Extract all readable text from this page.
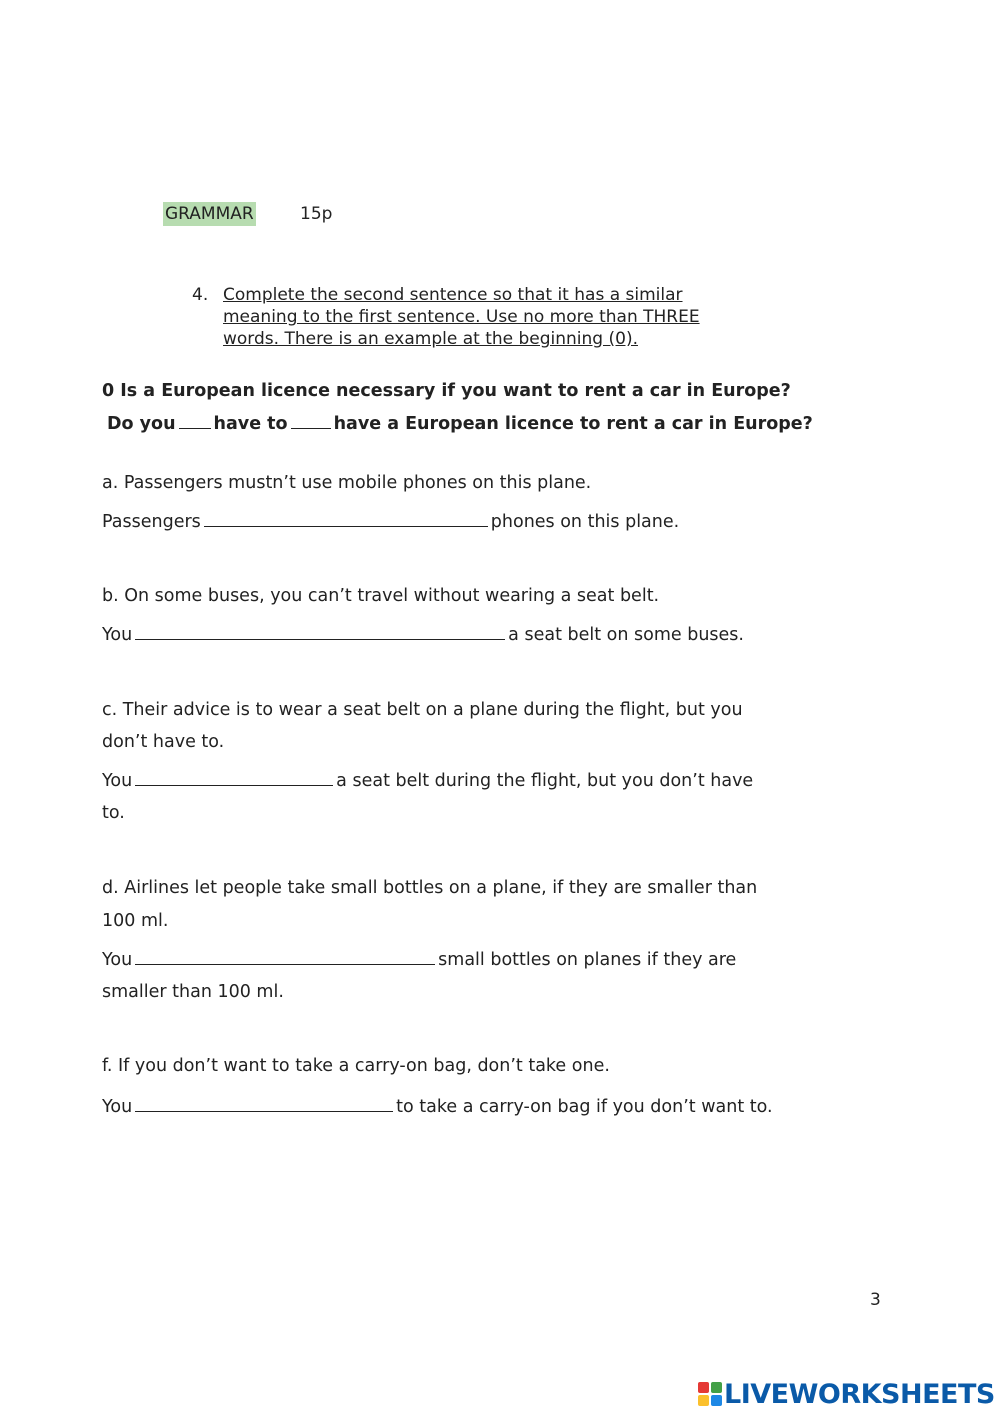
GRAMMAR	15p
4. Complete the second sentence so that it has a similar
meaning to the first sentence. Use no more than THREE
words. There is an example at the beginning (0).
0 Is a European licence necessary if you want to rent a car in Europe?
Do you have to	have a European licence to rent a car in Europe?
a. Passengers mustn’t use mobile phones on this plane.
Passengers	phones on this plane.
b. On some buses, you can’t travel without wearing a seat belt.
You	a seat belt on some buses.
c. Their advice is to wear a seat belt on a plane during the flight, but you
don’t have to.
You	a seat belt during the flight, but you don’t have
to.
d. Airlines let people take small bottles on a plane, if they are smaller than
100 ml.
You	small bottles on planes if they are
smaller than 100 ml.
f. If you don’t want to take a carry-on bag, don’t take one.
You	to take a carry-on bag if you don’t want to.
3
LIVEWORKSHEETS
